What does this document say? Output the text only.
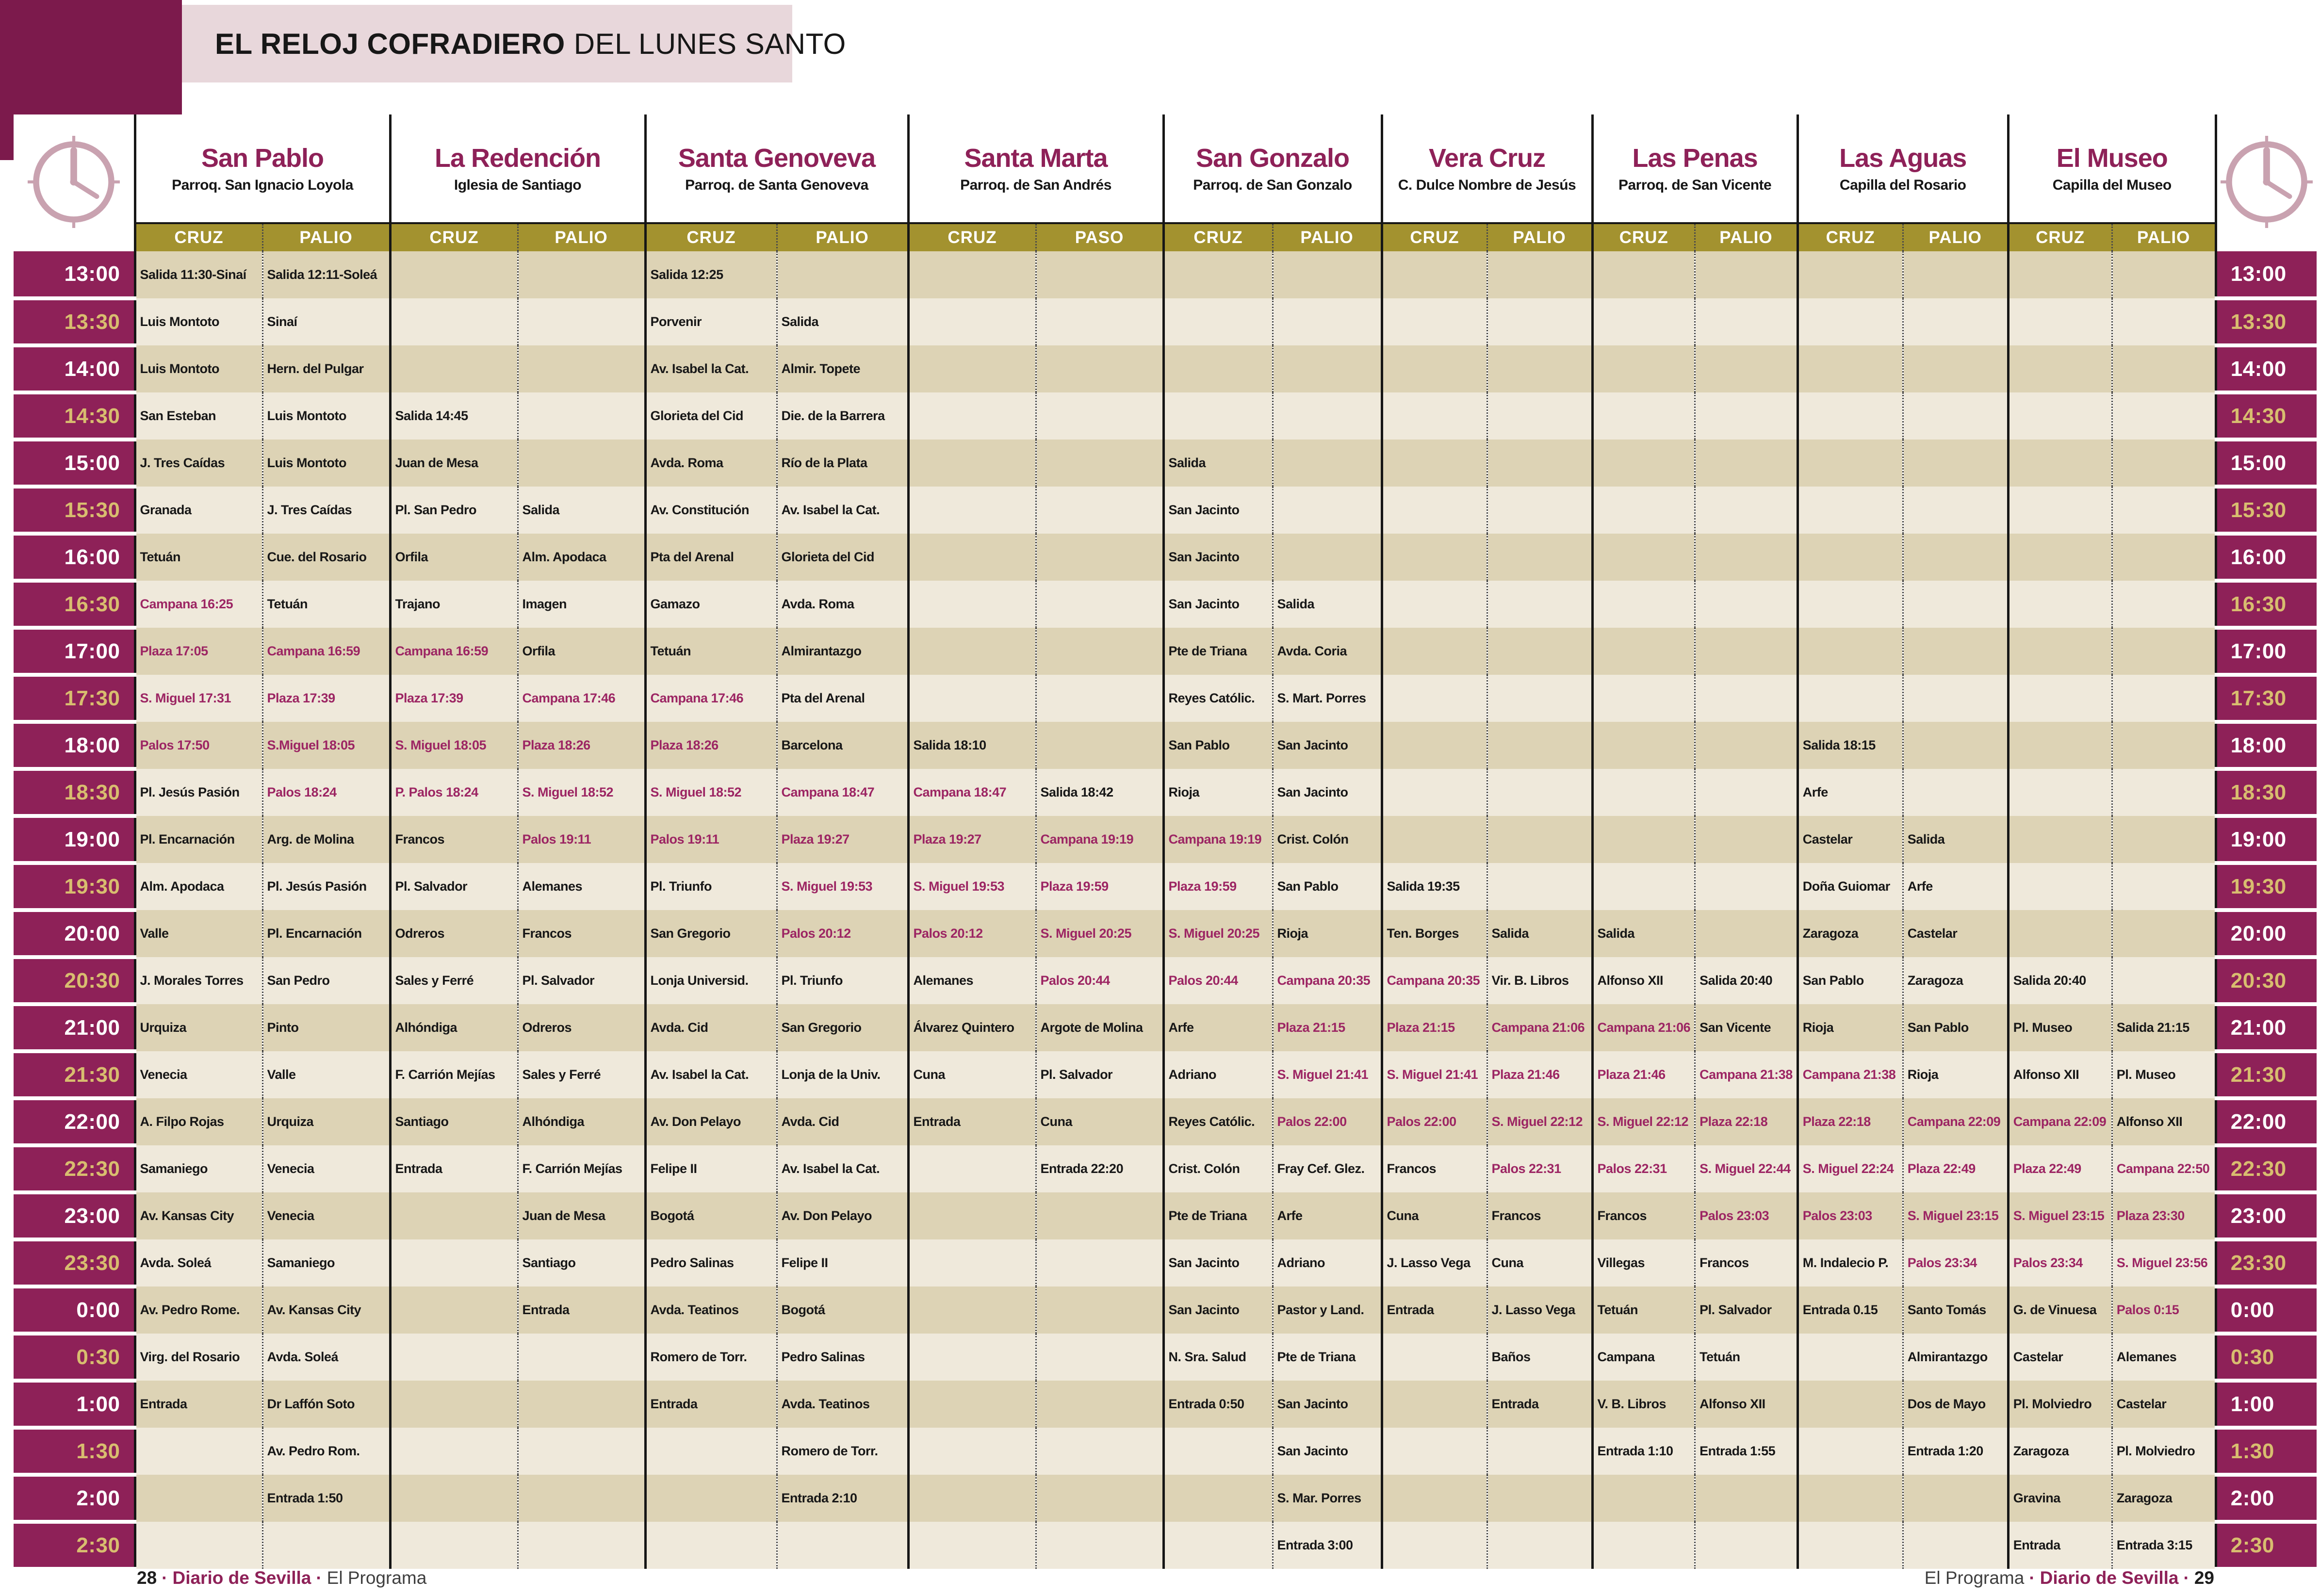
EL RELOJ COFRADIERO DEL LUNES SANTO

San Pablo
Parroq. San Ignacio Loyola

La Redención
Iglesia de Santiago

Santa Genoveva
Parroq. de Santa Genoveva

Santa Marta
Parroq. de San Andrés

San Gonzalo
Parroq. de San Gonzalo

Vera Cruz
C. Dulce Nombre de Jesús

Las Penas
Parroq. de San Vicente

Las Aguas
Capilla del Rosario

El Museo
Capilla del Museo

	CRUZ	PALIO	CRUZ	PALIO	CRUZ	PALIO	CRUZ	PASO	CRUZ	PALIO	CRUZ	PALIO	CRUZ	PALIO	CRUZ	PALIO	CRUZ	PALIO	
13:00	Salida 11:30-Sinaí	Salida 12:11-Soleá			Salida 12:25														13:00
13:30	Luis Montoto	Sinaí			Porvenir	Salida													13:30
14:00	Luis Montoto	Hern. del Pulgar			Av. Isabel la Cat.	Almir. Topete													14:00
14:30	San Esteban	Luis Montoto	Salida 14:45		Glorieta del Cid	Die. de la Barrera													14:30
15:00	J. Tres Caídas	Luis Montoto	Juan de Mesa		Avda. Roma	Río de la Plata			Salida										15:00
15:30	Granada	J. Tres Caídas	Pl. San Pedro	Salida	Av. Constitución	Av. Isabel la Cat.			San Jacinto										15:30
16:00	Tetuán	Cue. del Rosario	Orfila	Alm. Apodaca	Pta del Arenal	Glorieta del Cid			San Jacinto										16:00
16:30	Campana 16:25	Tetuán	Trajano	Imagen	Gamazo	Avda. Roma			San Jacinto	Salida									16:30
17:00	Plaza 17:05	Campana 16:59	Campana 16:59	Orfila	Tetuán	Almirantazgo			Pte de Triana	Avda. Coria									17:00
17:30	S. Miguel 17:31	Plaza 17:39	Plaza 17:39	Campana 17:46	Campana 17:46	Pta del Arenal			Reyes Católic.	S. Mart. Porres									17:30
18:00	Palos 17:50	S.Miguel 18:05	S. Miguel 18:05	Plaza 18:26	Plaza 18:26	Barcelona	Salida 18:10		San Pablo	San Jacinto					Salida 18:15				18:00
18:30	Pl. Jesús Pasión	Palos 18:24	P. Palos 18:24	S. Miguel 18:52	S. Miguel 18:52	Campana 18:47	Campana 18:47	Salida 18:42	Rioja	San Jacinto					Arfe				18:30
19:00	Pl. Encarnación	Arg. de Molina	Francos	Palos 19:11	Palos 19:11	Plaza 19:27	Plaza 19:27	Campana 19:19	Campana 19:19	Crist. Colón					Castelar	Salida			19:00
19:30	Alm. Apodaca	Pl. Jesús Pasión	Pl. Salvador	Alemanes	Pl. Triunfo	S. Miguel 19:53	S. Miguel 19:53	Plaza 19:59	Plaza 19:59	San Pablo	Salida 19:35				Doña Guiomar	Arfe			19:30
20:00	Valle	Pl. Encarnación	Odreros	Francos	San Gregorio	Palos 20:12	Palos 20:12	S. Miguel 20:25	S. Miguel 20:25	Rioja	Ten. Borges	Salida	Salida		Zaragoza	Castelar			20:00
20:30	J. Morales Torres	San Pedro	Sales y Ferré	Pl. Salvador	Lonja Universid.	Pl. Triunfo	Alemanes	Palos 20:44	Palos 20:44	Campana 20:35	Campana 20:35	Vir. B. Libros	Alfonso XII	Salida 20:40	San Pablo	Zaragoza	Salida 20:40		20:30
21:00	Urquiza	Pinto	Alhóndiga	Odreros	Avda. Cid	San Gregorio	Álvarez Quintero	Argote de Molina	Arfe	Plaza 21:15	Plaza 21:15	Campana 21:06	Campana 21:06	San Vicente	Rioja	San Pablo	Pl. Museo	Salida 21:15	21:00
21:30	Venecia	Valle	F. Carrión Mejías	Sales y Ferré	Av. Isabel la Cat.	Lonja de la Univ.	Cuna	Pl. Salvador	Adriano	S. Miguel 21:41	S. Miguel 21:41	Plaza 21:46	Plaza 21:46	Campana 21:38	Campana 21:38	Rioja	Alfonso XII	Pl. Museo	21:30
22:00	A. Filpo Rojas	Urquiza	Santiago	Alhóndiga	Av. Don Pelayo	Avda. Cid	Entrada	Cuna	Reyes Católic.	Palos 22:00	Palos 22:00	S. Miguel 22:12	S. Miguel 22:12	Plaza 22:18	Plaza 22:18	Campana 22:09	Campana 22:09	Alfonso XII	22:00
22:30	Samaniego	Venecia	Entrada	F. Carrión Mejías	Felipe II	Av. Isabel la Cat.		Entrada 22:20	Crist. Colón	Fray Cef. Glez.	Francos	Palos 22:31	Palos 22:31	S. Miguel 22:44	S. Miguel 22:24	Plaza 22:49	Plaza 22:49	Campana 22:50	22:30
23:00	Av. Kansas City	Venecia		Juan de Mesa	Bogotá	Av. Don Pelayo			Pte de Triana	Arfe	Cuna	Francos	Francos	Palos 23:03	Palos 23:03	S. Miguel 23:15	S. Miguel 23:15	Plaza 23:30	23:00
23:30	Avda. Soleá	Samaniego		Santiago	Pedro Salinas	Felipe II			San Jacinto	Adriano	J. Lasso Vega	Cuna	Villegas	Francos	M. Indalecio P.	Palos 23:34	Palos 23:34	S. Miguel 23:56	23:30
0:00	Av. Pedro Rome.	Av. Kansas City		Entrada	Avda. Teatinos	Bogotá			San Jacinto	Pastor y Land.	Entrada	J. Lasso Vega	Tetuán	Pl. Salvador	Entrada 0.15	Santo Tomás	G. de Vinuesa	Palos 0:15	0:00
0:30	Virg. del Rosario	Avda. Soleá			Romero de Torr.	Pedro Salinas			N. Sra. Salud	Pte de Triana		Baños	Campana	Tetuán		Almirantazgo	Castelar	Alemanes	0:30
1:00	Entrada	Dr Laffón Soto			Entrada	Avda. Teatinos			Entrada 0:50	San Jacinto		Entrada	V. B. Libros	Alfonso XII		Dos de Mayo	Pl. Molviedro	Castelar	1:00
1:30		Av. Pedro Rom.				Romero de Torr.				San Jacinto			Entrada 1:10	Entrada 1:55		Entrada 1:20	Zaragoza	Pl. Molviedro	1:30
2:00		Entrada 1:50				Entrada 2:10				S. Mar. Porres							Gravina	Zaragoza	2:00
2:30										Entrada 3:00							Entrada	Entrada 3:15	2:30
28 · Diario de Sevilla · El Programa	El Programa · Diario de Sevilla · 29
